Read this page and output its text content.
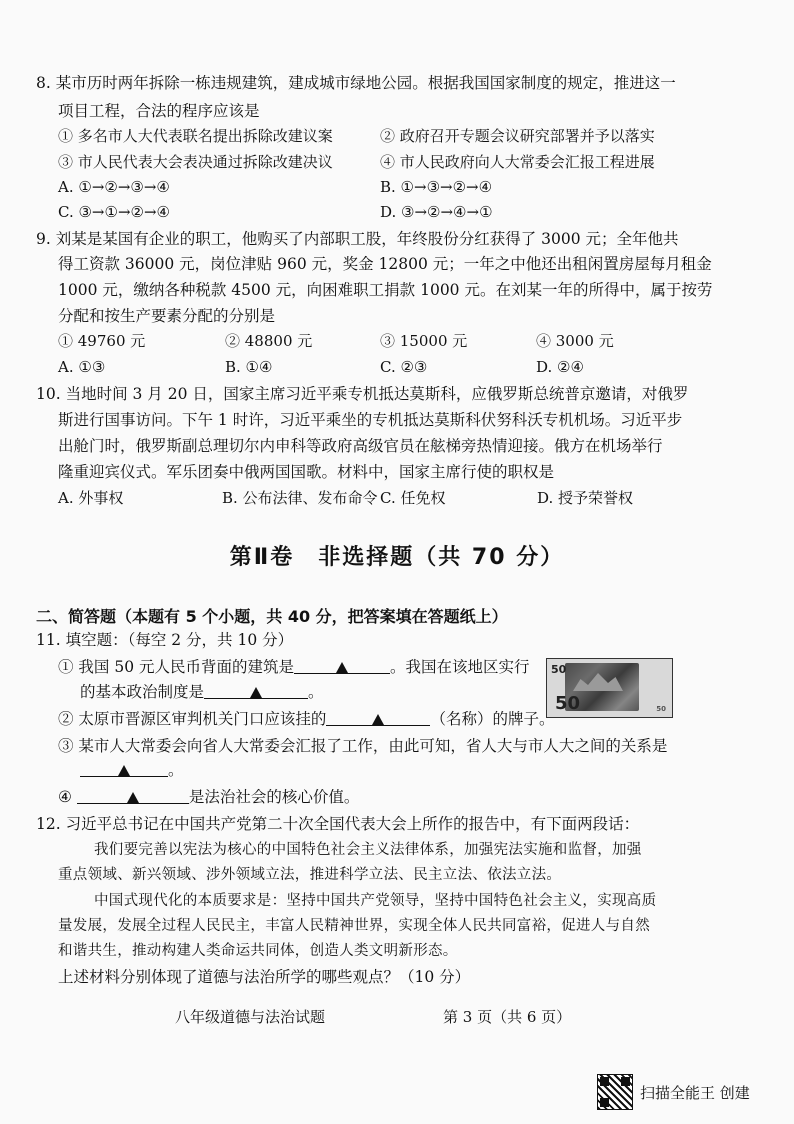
8. 某市历时两年拆除一栋违规建筑，建成城市绿地公园。根据我国国家制度的规定，推进这一
项目工程，合法的程序应该是
① 多名市人大代表联名提出拆除改建议案	② 政府召开专题会议研究部署并予以落实
③ 市人民代表大会表决通过拆除改建决议	④ 市人民政府向人大常委会汇报工程进展
A. ①→②→③→④	B. ①→③→②→④
C. ③→①→②→④	D. ③→②→④→①
9. 刘某是某国有企业的职工，他购买了内部职工股，年终股份分红获得了 3000 元；全年他共
得工资款 36000 元，岗位津贴 960 元，奖金 12800 元；一年之中他还出租闲置房屋每月租金
1000 元，缴纳各种税款 4500 元，向困难职工捐款 1000 元。在刘某一年的所得中，属于按劳
分配和按生产要素分配的分别是
① 49760 元	② 48800 元	③ 15000 元	④ 3000 元
A. ①③	B. ①④	C. ②③	D. ②④
10. 当地时间 3 月 20 日，国家主席习近平乘专机抵达莫斯科，应俄罗斯总统普京邀请，对俄罗
斯进行国事访问。下午 1 时许，习近平乘坐的专机抵达莫斯科伏努科沃专机机场。习近平步
出舱门时，俄罗斯副总理切尔内申科等政府高级官员在舷梯旁热情迎接。俄方在机场举行
隆重迎宾仪式。军乐团奏中俄两国国歌。材料中，国家主席行使的职权是
A. 外事权	B. 公布法律、发布命令 C. 任免权	D. 授予荣誉权
第Ⅱ卷　非选择题（共 70 分）
二、简答题（本题有 5 个小题，共 40 分，把答案填在答题纸上）
11. 填空题：（每空 2 分，共 10 分）
① 我国 50 元人民币背面的建筑是	。我国在该地区实行
的基本政治制度是	。
50
50	50
② 太原市晋源区审判机关门口应该挂的	（名称）的牌子。
③ 某市人大常委会向省人大常委会汇报了工作，由此可知，省人大与市人大之间的关系是
。
④	是法治社会的核心价值。
12. 习近平总书记在中国共产党第二十次全国代表大会上所作的报告中，有下面两段话：
我们要完善以宪法为核心的中国特色社会主义法律体系，加强宪法实施和监督，加强
重点领域、新兴领域、涉外领域立法，推进科学立法、民主立法、依法立法。
中国式现代化的本质要求是：坚持中国共产党领导，坚持中国特色社会主义，实现高质
量发展，发展全过程人民民主，丰富人民精神世界，实现全体人民共同富裕，促进人与自然
和谐共生，推动构建人类命运共同体，创造人类文明新形态。
上述材料分别体现了道德与法治所学的哪些观点？（10 分）
八年级道德与法治试题	第 3 页（共 6 页）
扫描全能王 创建
